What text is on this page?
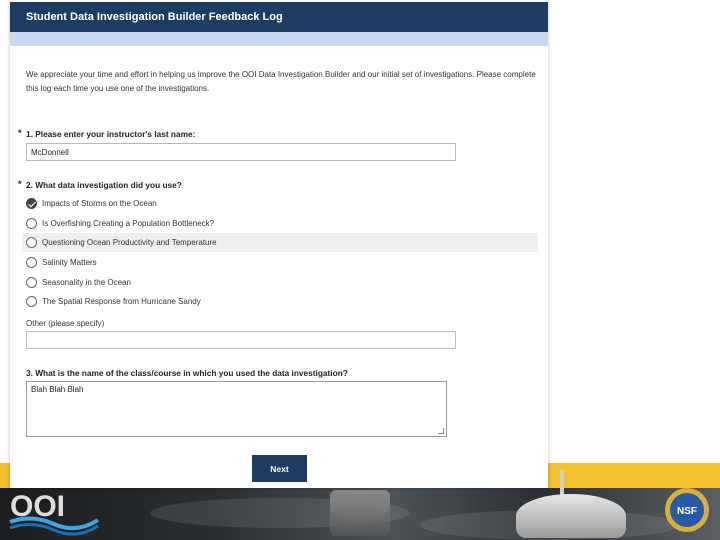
OOI	NSF
Student Data Investigation Builder Feedback Log
We appreciate your time and effort in helping us improve the OOI Data Investigation Builder and our initial set of investigations. Please complete this log each time you use one of the investigations.
* 1. Please enter your instructor's last name:
McDonnell
* 2. What data investigation did you use?
Impacts of Storms on the Ocean
Is Overfishing Creating a Population Bottleneck?
Questioning Ocean Productivity and Temperature
Salinity Matters
Seasonality in the Ocean
The Spatial Response from Hurricane Sandy
Other (please specify)
3. What is the name of the class/course in which you used the data investigation?
Blah Blah Blah
Next
